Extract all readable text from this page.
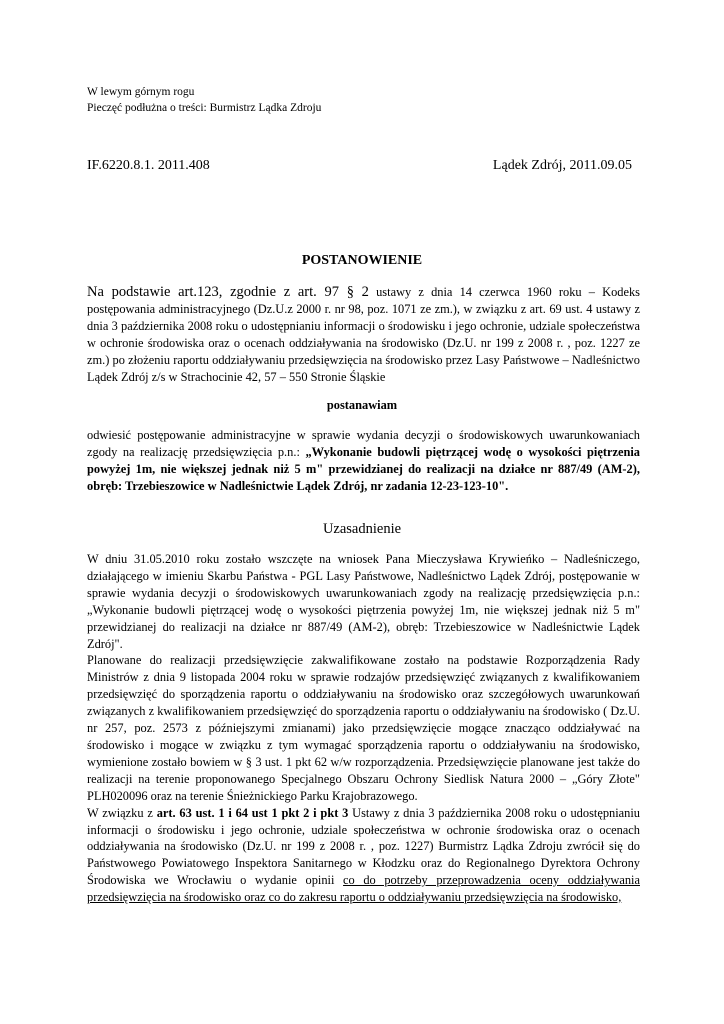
W lewym górnym rogu
Pieczęć podłużna o treści: Burmistrz Lądka Zdroju
IF.6220.8.1. 2011.408	Lądek Zdrój, 2011.09.05
POSTANOWIENIE

Na podstawie art.123, zgodnie z art. 97 § 2 ustawy z dnia 14 czerwca 1960 roku – Kodeks postępowania administracyjnego (Dz.U.z 2000 r. nr 98, poz. 1071 ze zm.), w związku z art. 69 ust. 4 ustawy z dnia 3 października 2008 roku o udostępnianiu informacji o środowisku i jego ochronie, udziale społeczeństwa w ochronie środowiska oraz o ocenach oddziaływania na środowisko (Dz.U. nr 199 z 2008 r. , poz. 1227 ze zm.) po złożeniu raportu oddziaływaniu przedsięwzięcia na środowisko przez Lasy Państwowe – Nadleśnictwo Lądek Zdrój z/s w Strachocinie 42, 57 – 550 Stronie Śląskie

postanawiam

odwiesić postępowanie administracyjne w sprawie wydania decyzji o środowiskowych uwarunkowaniach zgody na realizację przedsięwzięcia p.n.: „Wykonanie budowli piętrzącej wodę o wysokości piętrzenia powyżej 1m, nie większej jednak niż 5 m" przewidzianej do realizacji na działce nr 887/49 (AM-2), obręb: Trzebieszowice w Nadleśnictwie Lądek Zdrój, nr zadania 12-23-123-10".

Uzasadnienie

W dniu 31.05.2010 roku zostało wszczęte na wniosek Pana Mieczysława Krywieńko – Nadleśniczego, działającego w imieniu Skarbu Państwa - PGL Lasy Państwowe, Nadleśnictwo Lądek Zdrój, postępowanie w sprawie wydania decyzji o środowiskowych uwarunkowaniach zgody na realizację przedsięwzięcia p.n.: „Wykonanie budowli piętrzącej wodę o wysokości piętrzenia powyżej 1m, nie większej jednak niż 5 m" przewidzianej do realizacji na działce nr 887/49 (AM-2), obręb: Trzebieszowice w Nadleśnictwie Lądek Zdrój".

Planowane do realizacji przedsięwzięcie zakwalifikowane zostało na podstawie Rozporządzenia Rady Ministrów z dnia 9 listopada 2004 roku w sprawie rodzajów przedsięwzięć związanych z kwalifikowaniem przedsięwzięć do sporządzenia raportu o oddziaływaniu na środowisko oraz szczegółowych uwarunkowań związanych z kwalifikowaniem przedsięwzięć do sporządzenia raportu o oddziaływaniu na środowisko ( Dz.U. nr 257, poz. 2573 z późniejszymi zmianami) jako przedsięwzięcie mogące znacząco oddziaływać na środowisko i mogące w związku z tym wymagać sporządzenia raportu o oddziaływaniu na środowisko, wymienione zostało bowiem w § 3 ust. 1 pkt 62 w/w rozporządzenia. Przedsięwzięcie planowane jest także do realizacji na terenie proponowanego Specjalnego Obszaru Ochrony Siedlisk Natura 2000 – „Góry Złote" PLH020096 oraz na terenie Śnieżnickiego Parku Krajobrazowego.

W związku z art. 63 ust. 1 i 64 ust 1 pkt 2 i pkt 3 Ustawy z dnia 3 października 2008 roku o udostępnianiu informacji o środowisku i jego ochronie, udziale społeczeństwa w ochronie środowiska oraz o ocenach oddziaływania na środowisko (Dz.U. nr 199 z 2008 r. , poz. 1227) Burmistrz Lądka Zdroju zwrócił się do Państwowego Powiatowego Inspektora Sanitarnego w Kłodzku oraz do Regionalnego Dyrektora Ochrony Środowiska we Wrocławiu o wydanie opinii co do potrzeby przeprowadzenia oceny oddziaływania przedsięwzięcia na środowisko oraz co do zakresu raportu o oddziaływaniu przedsięwzięcia na środowisko,
